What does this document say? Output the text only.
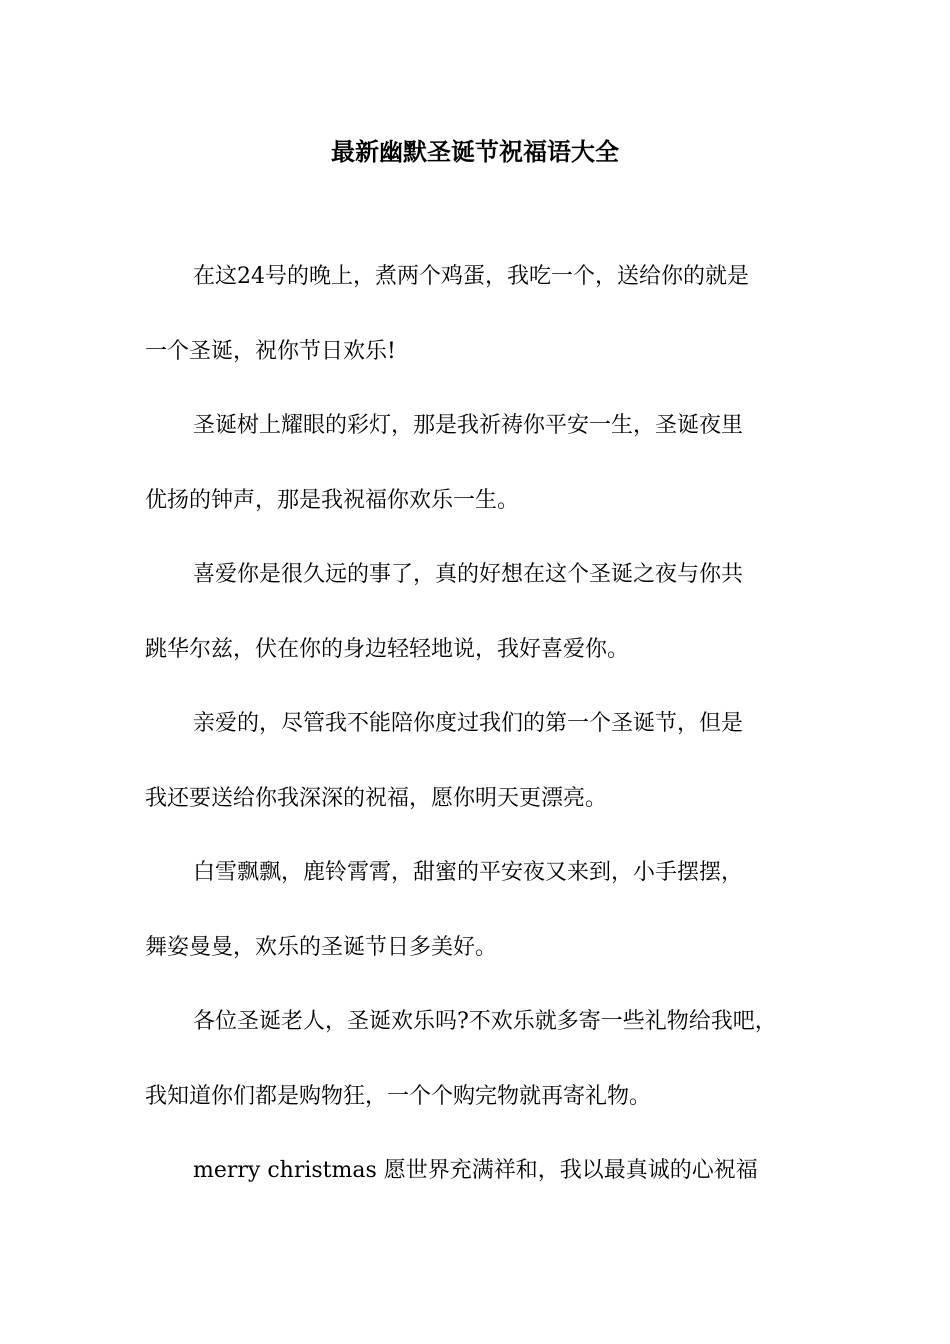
最新幽默圣诞节祝福语大全

在这24号的晚上，煮两个鸡蛋，我吃一个，送给你的就是

一个圣诞，祝你节日欢乐!

圣诞树上耀眼的彩灯，那是我祈祷你平安一生，圣诞夜里

优扬的钟声，那是我祝福你欢乐一生。

喜爱你是很久远的事了，真的好想在这个圣诞之夜与你共

跳华尔兹，伏在你的身边轻轻地说，我好喜爱你。

亲爱的，尽管我不能陪你度过我们的第一个圣诞节，但是

我还要送给你我深深的祝福，愿你明天更漂亮。

白雪飘飘，鹿铃霄霄，甜蜜的平安夜又来到，小手摆摆，

舞姿曼曼，欢乐的圣诞节日多美好。

各位圣诞老人，圣诞欢乐吗?不欢乐就多寄一些礼物给我吧，

我知道你们都是购物狂，一个个购完物就再寄礼物。

merry christmas 愿世界充满祥和，我以最真诚的心祝福
